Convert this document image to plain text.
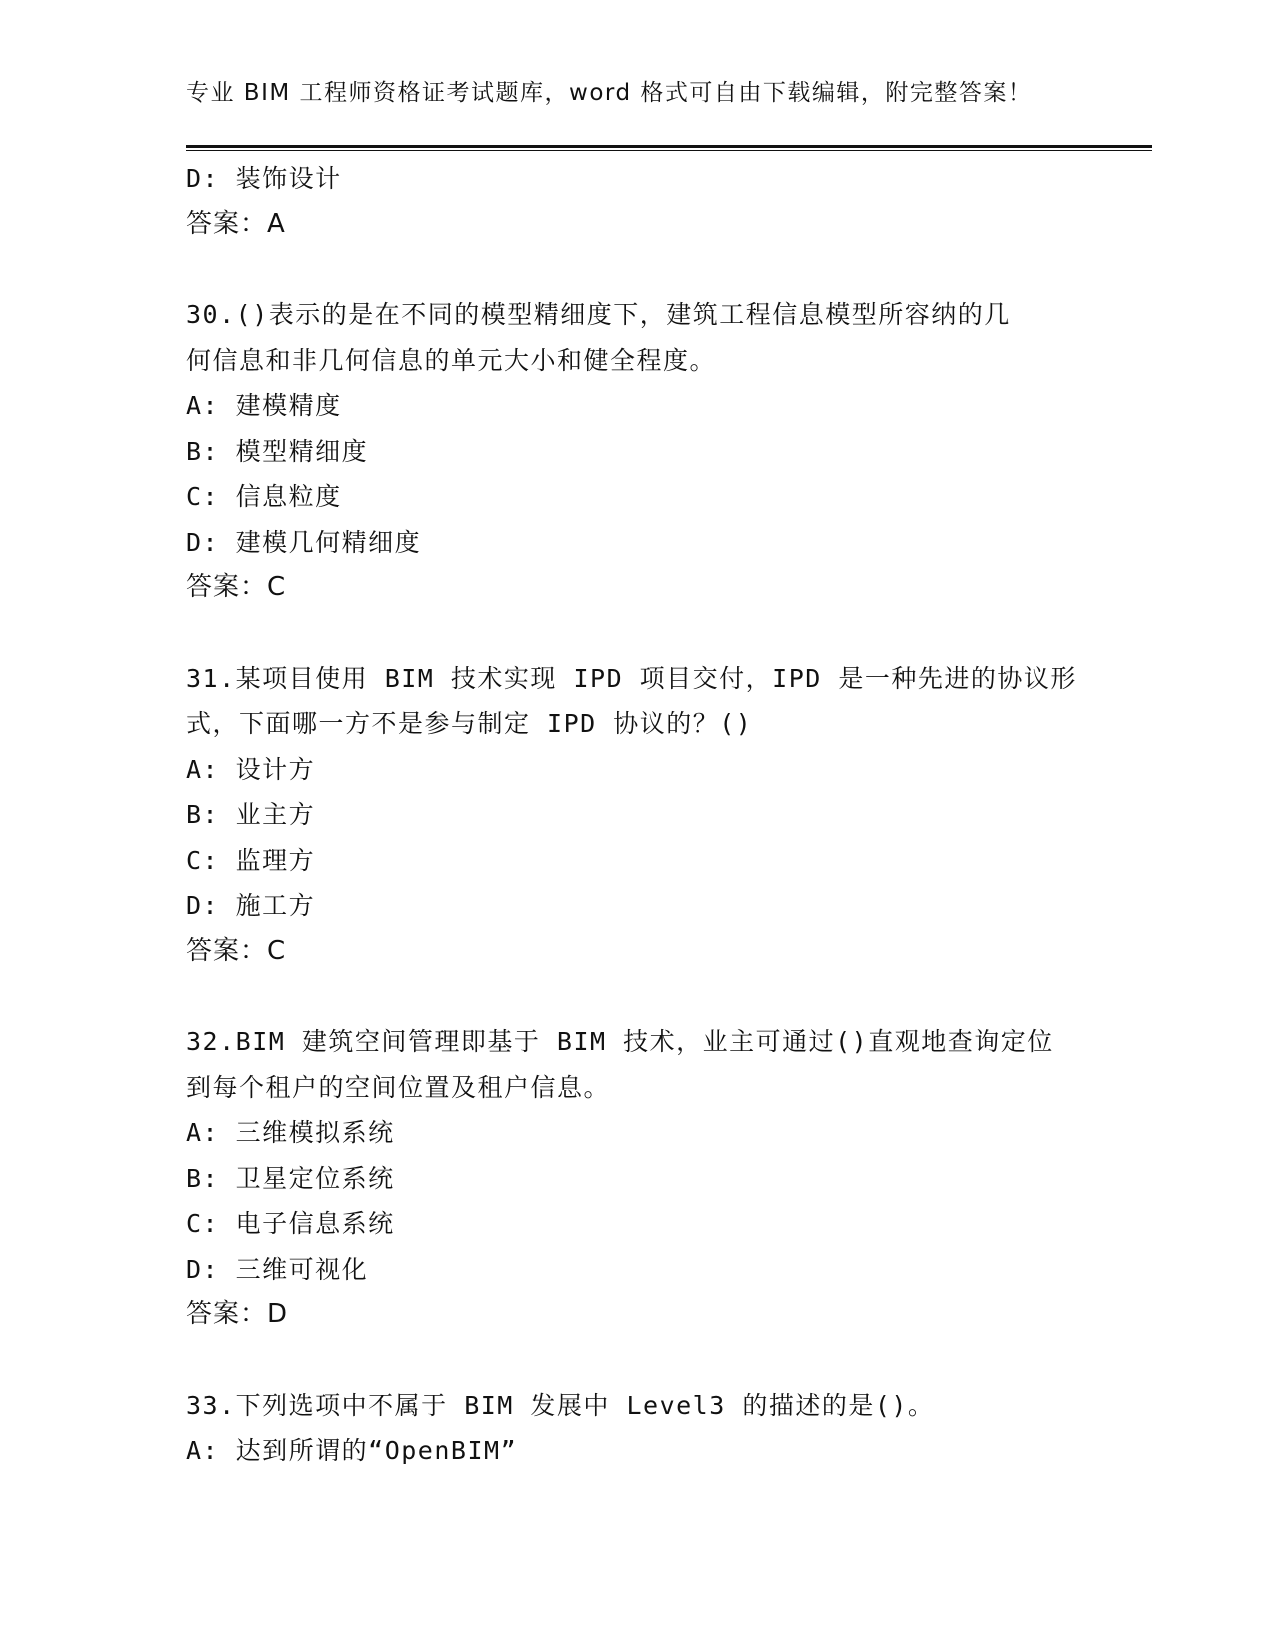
专业 BIM 工程师资格证考试题库，word 格式可自由下载编辑，附完整答案！
D: 装饰设计
答案：A
30.()表示的是在不同的模型精细度下，建筑工程信息模型所容纳的几
何信息和非几何信息的单元大小和健全程度。
A: 建模精度
B: 模型精细度
C: 信息粒度
D: 建模几何精细度
答案：C
31.某项目使用 BIM 技术实现 IPD 项目交付，IPD 是一种先进的协议形
式，下面哪一方不是参与制定 IPD 协议的？()
A: 设计方
B: 业主方
C: 监理方
D: 施工方
答案：C
32.BIM 建筑空间管理即基于 BIM 技术，业主可通过()直观地查询定位
到每个租户的空间位置及租户信息。
A: 三维模拟系统
B: 卫星定位系统
C: 电子信息系统
D: 三维可视化
答案：D
33.下列选项中不属于 BIM 发展中 Level3 的描述的是()。
A: 达到所谓的“OpenBIM”
